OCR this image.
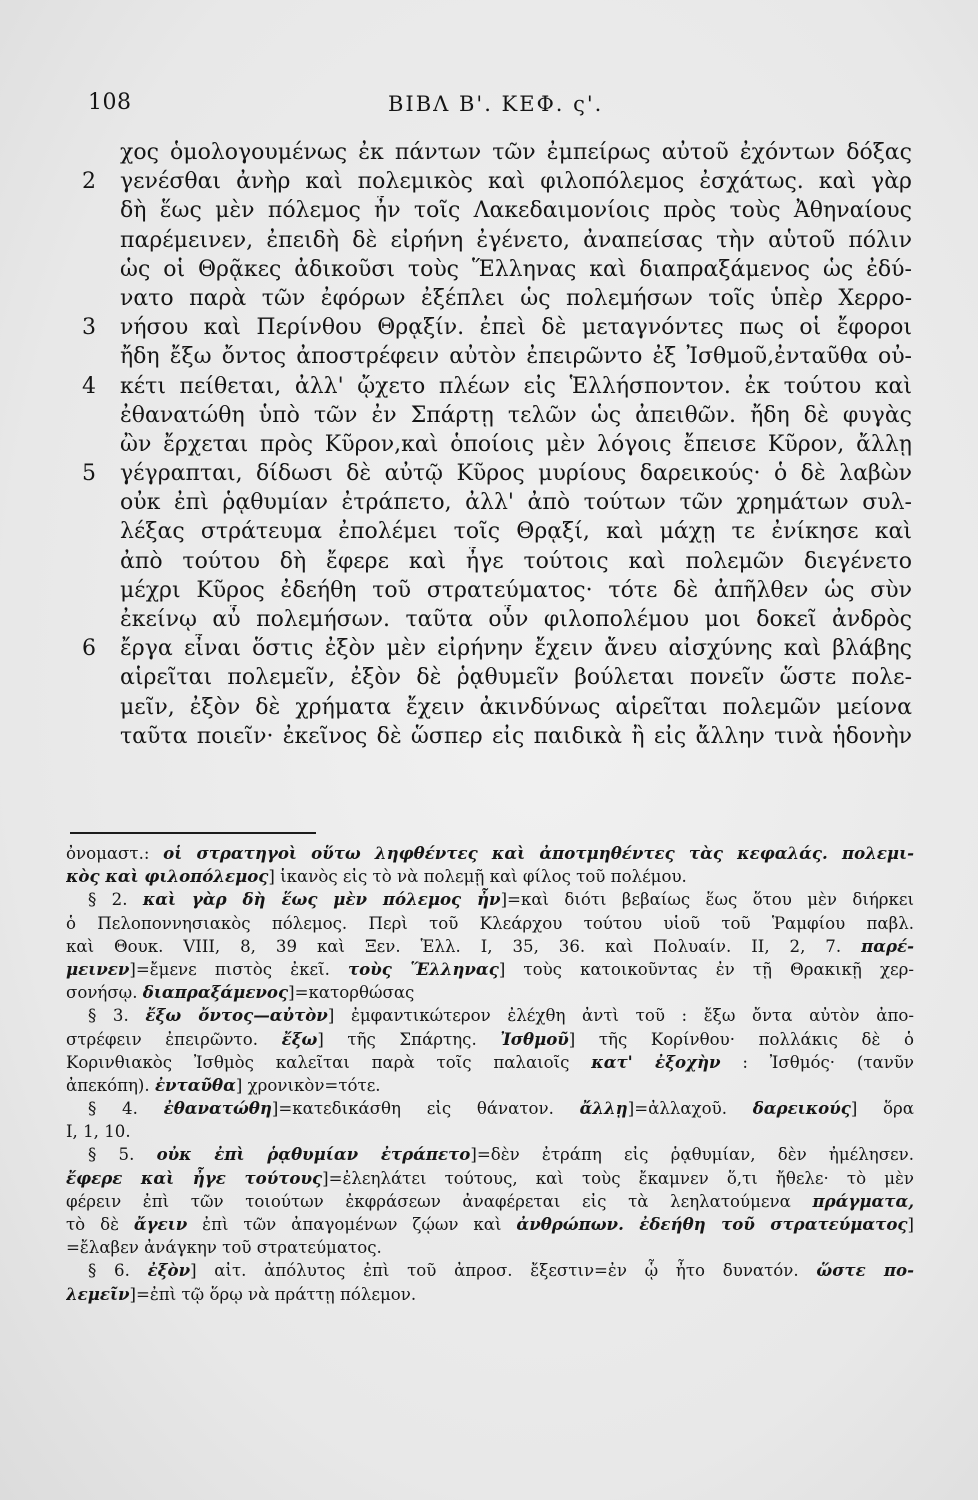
108	ΒΙΒΛ Β'. ΚΕΦ. ς'.
χος ὁμολογουμένως ἐκ πάντων τῶν ἐμπείρως αὐτοῦ ἐχόντων δόξας
2	γενέσθαι ἀνὴρ καὶ πολεμικὸς καὶ φιλοπόλεμος ἐσχάτως. καὶ γὰρ
δὴ ἕως μὲν πόλεμος ἦν τοῖς Λακεδαιμονίοις πρὸς τοὺς Ἀθηναίους
παρέμεινεν, ἐπειδὴ δὲ εἰρήνη ἐγένετο, ἀναπείσας τὴν αὑτοῦ πόλιν
ὡς οἱ Θρᾷκες ἀδικοῦσι τοὺς Ἕλληνας καὶ διαπραξάμενος ὡς ἐδύ-
νατο παρὰ τῶν ἐφόρων ἐξέπλει ὡς πολεμήσων τοῖς ὑπὲρ Χερρο-
3	νήσου καὶ Περίνθου Θρᾳξίν. ἐπεὶ δὲ μεταγνόντες πως οἱ ἔφοροι
ἤδη ἔξω ὄντος ἀποστρέφειν αὐτὸν ἐπειρῶντο ἐξ Ἰσθμοῦ,ἐνταῦθα οὐ-
4	κέτι πείθεται, ἀλλ' ᾤχετο πλέων εἰς Ἑλλήσποντον. ἐκ τούτου καὶ
ἐθανατώθη ὑπὸ τῶν ἐν Σπάρτῃ τελῶν ὡς ἀπειθῶν. ἤδη δὲ φυγὰς
ὢν ἔρχεται πρὸς Κῦρον,καὶ ὁποίοις μὲν λόγοις ἔπεισε Κῦρον, ἄλλῃ
5	γέγραπται, δίδωσι δὲ αὐτῷ Κῦρος μυρίους δαρεικούς· ὁ δὲ λαβὼν
οὐκ ἐπὶ ῥᾳθυμίαν ἐτράπετο, ἀλλ' ἀπὸ τούτων τῶν χρημάτων συλ-
λέξας στράτευμα ἐπολέμει τοῖς Θρᾳξί, καὶ μάχῃ τε ἐνίκησε καὶ
ἀπὸ τούτου δὴ ἔφερε καὶ ἦγε τούτοις καὶ πολεμῶν διεγένετο
μέχρι Κῦρος ἐδεήθη τοῦ στρατεύματος· τότε δὲ ἀπῆλθεν ὡς σὺν
ἐκείνῳ αὖ πολεμήσων. ταῦτα οὖν φιλοπολέμου μοι δοκεῖ ἀνδρὸς
6	ἔργα εἶναι ὅστις ἐξὸν μὲν εἰρήνην ἔχειν ἄνευ αἰσχύνης καὶ βλάβης
αἱρεῖται πολεμεῖν, ἐξὸν δὲ ῥᾳθυμεῖν βούλεται πονεῖν ὥστε πολε-
μεῖν, ἐξὸν δὲ χρήματα ἔχειν ἀκινδύνως αἱρεῖται πολεμῶν μείονα
ταῦτα ποιεῖν· ἐκεῖνος δὲ ὥσπερ εἰς παιδικὰ ἢ εἰς ἄλλην τινὰ ἡδονὴν
ὀνομαστ.: οἱ στρατηγοὶ οὕτω ληφθέντες καὶ ἀποτμηθέντες τὰς κεφαλάς. πολεμι-
κὸς καὶ φιλοπόλεμος] ἱκανὸς εἰς τὸ νὰ πολεμῇ καὶ φίλος τοῦ πολέμου.
§ 2. καὶ γὰρ δὴ ἕως μὲν πόλεμος ἦν]=καὶ διότι βεβαίως ἕως ὅτου μὲν διήρκει
ὁ Πελοποννησιακὸς πόλεμος. Περὶ τοῦ Κλεάρχου τούτου υἱοῦ τοῦ Ῥαμφίου παβλ.
καὶ Θουκ. VIII, 8, 39 καὶ Ξεν. Ἑλλ. I, 35, 36. καὶ Πολυαίν. II, 2, 7. παρέ-
μεινεν]=ἔμενε πιστὸς ἐκεῖ. τοὺς Ἕλληνας] τοὺς κατοικοῦντας ἐν τῇ Θρακικῇ χερ-
σονήσῳ. διαπραξάμενος]=κατορθώσας
§ 3. ἔξω ὄντος—αὐτὸν] ἐμφαντικώτερον ἐλέχθη ἀντὶ τοῦ : ἔξω ὄντα αὐτὸν ἀπο-
στρέφειν ἐπειρῶντο. ἔξω] τῆς Σπάρτης. Ἰσθμοῦ] τῆς Κορίνθου· πολλάκις δὲ ὁ
Κορινθιακὸς Ἰσθμὸς καλεῖται παρὰ τοῖς παλαιοῖς κατ' ἐξοχὴν : Ἰσθμός· (τανῦν
ἀπεκόπη). ἐνταῦθα] χρονικὸν=τότε.
§ 4. ἐθανατώθη]=κατεδικάσθη εἰς θάνατον. ἄλλῃ]=ἀλλαχοῦ. δαρεικούς] ὅρα
I, 1, 10.
§ 5. οὐκ ἐπὶ ῥᾳθυμίαν ἐτράπετο]=δὲν ἐτράπη εἰς ῥᾳθυμίαν, δὲν ἠμέλησεν.
ἔφερε καὶ ἦγε τούτους]=ἐλεηλάτει τούτους, καὶ τοὺς ἔκαμνεν ὅ,τι ἤθελε· τὸ μὲν
φέρειν ἐπὶ τῶν τοιούτων ἐκφράσεων ἀναφέρεται εἰς τὰ λεηλατούμενα πράγματα,
τὸ δὲ ἄγειν ἐπὶ τῶν ἀπαγομένων ζῴων καὶ ἀνθρώπων. ἐδεήθη τοῦ στρατεύματος]
=ἔλαβεν ἀνάγκην τοῦ στρατεύματος.
§ 6. ἐξὸν] αἰτ. ἀπόλυτος ἐπὶ τοῦ ἀπροσ. ἔξεστιν=ἐν ᾧ ἦτο δυνατόν. ὥστε πο-
λεμεῖν]=ἐπὶ τῷ ὅρῳ νὰ πράττῃ πόλεμον.
